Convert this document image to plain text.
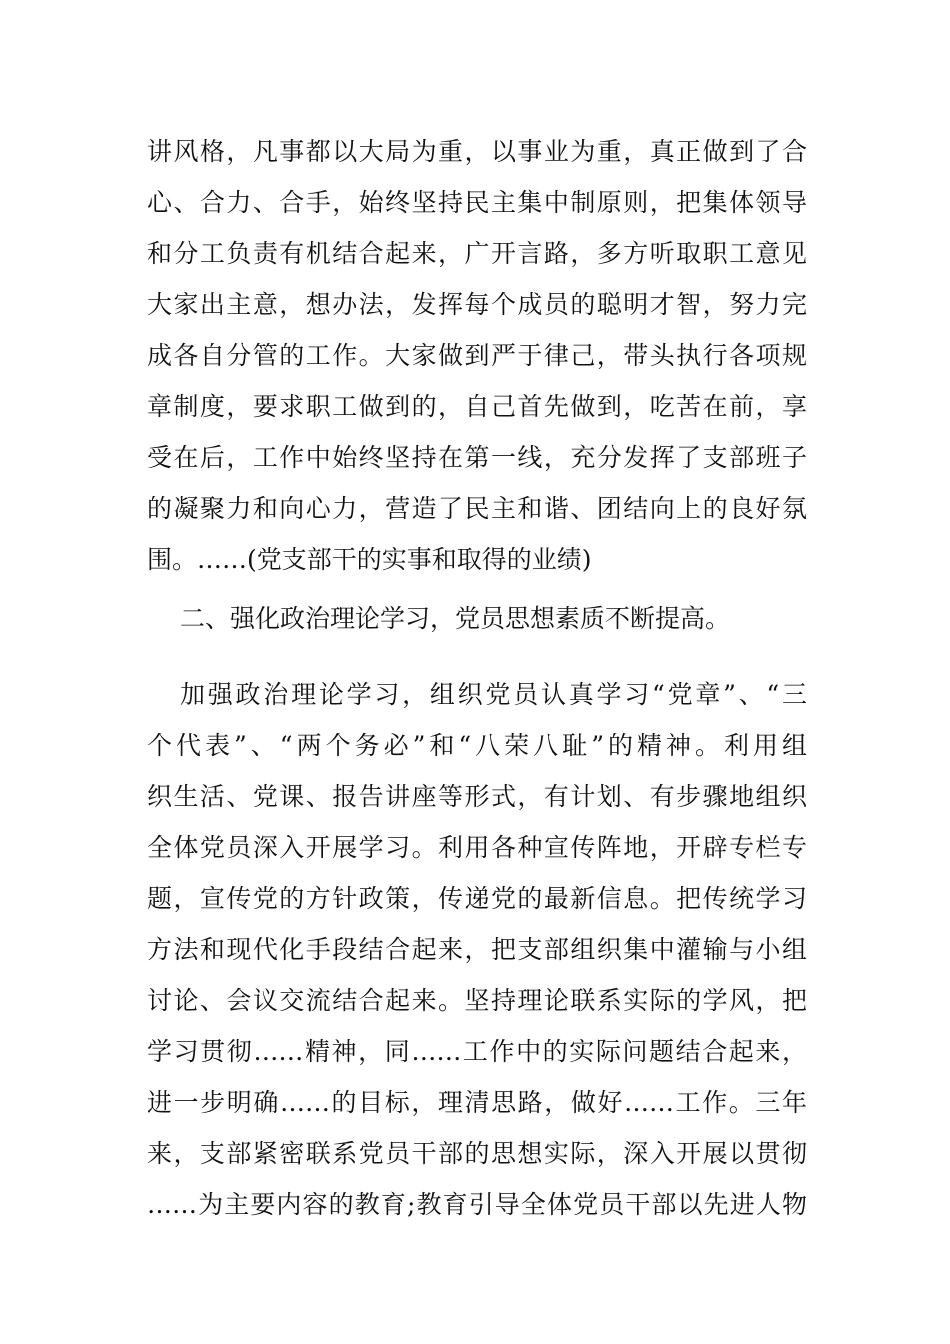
讲风格，凡事都以大局为重，以事业为重，真正做到了合
心、合力、合手，始终坚持民主集中制原则，把集体领导
和分工负责有机结合起来，广开言路，多方听取职工意见
大家出主意，想办法，发挥每个成员的聪明才智，努力完
成各自分管的工作。大家做到严于律己，带头执行各项规
章制度，要求职工做到的，自己首先做到，吃苦在前，享
受在后，工作中始终坚持在第一线，充分发挥了支部班子
的凝聚力和向心力，营造了民主和谐、团结向上的良好氛
围。……(党支部干的实事和取得的业绩)
二、强化政治理论学习，党员思想素质不断提高。
加强政治理论学习，组织党员认真学习“党章”、“三
个代表”、“两个务必”和“八荣八耻”的精神。利用组
织生活、党课、报告讲座等形式，有计划、有步骤地组织
全体党员深入开展学习。利用各种宣传阵地，开辟专栏专
题，宣传党的方针政策，传递党的最新信息。把传统学习
方法和现代化手段结合起来，把支部组织集中灌输与小组
讨论、会议交流结合起来。坚持理论联系实际的学风，把
学习贯彻……精神，同……工作中的实际问题结合起来，
进一步明确……的目标，理清思路，做好……工作。三年
来，支部紧密联系党员干部的思想实际，深入开展以贯彻
……为主要内容的教育;教育引导全体党员干部以先进人物
